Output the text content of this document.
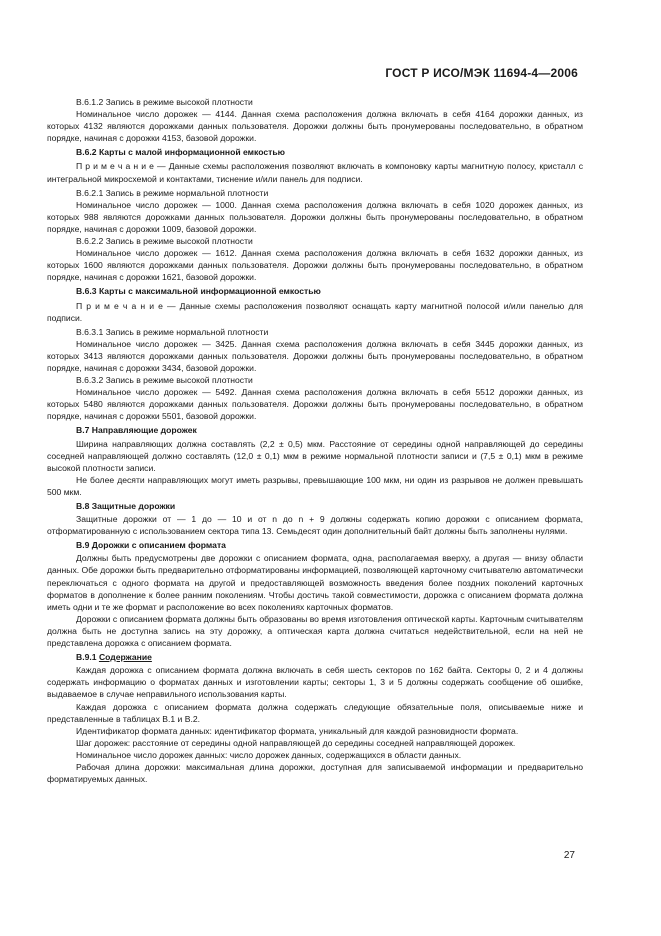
ГОСТ Р ИСО/МЭК 11694-4—2006

В.6.1.2 Запись в режиме высокой плотности

Номинальное число дорожек — 4144. Данная схема расположения должна включать в себя 4164 дорожки данных, из которых 4132 являются дорожками данных пользователя. Дорожки должны быть пронумерованы последовательно, в обратном порядке, начиная с дорожки 4153, базовой дорожки.

В.6.2 Карты с малой информационной емкостью

П р и м е ч а н и е — Данные схемы расположения позволяют включать в компоновку карты магнитную полосу, кристалл с интегральной микросхемой и контактами, тиснение и/или панель для подписи.

В.6.2.1 Запись в режиме нормальной плотности

Номинальное число дорожек — 1000. Данная схема расположения должна включать в себя 1020 дорожек данных, из которых 988 являются дорожками данных пользователя. Дорожки должны быть пронумерованы последовательно, в обратном порядке, начиная с дорожки 1009, базовой дорожки.

В.6.2.2 Запись в режиме высокой плотности

Номинальное число дорожек — 1612. Данная схема расположения должна включать в себя 1632 дорожки данных, из которых 1600 являются дорожками данных пользователя. Дорожки должны быть пронумерованы последовательно, в обратном порядке, начиная с дорожки 1621, базовой дорожки.

В.6.3 Карты с максимальной информационной емкостью

П р и м е ч а н и е — Данные схемы расположения позволяют оснащать карту магнитной полосой и/или панелью для подписи.

В.6.3.1 Запись в режиме нормальной плотности

Номинальное число дорожек — 3425. Данная схема расположения должна включать в себя 3445 дорожки данных, из которых 3413 являются дорожками данных пользователя. Дорожки должны быть пронумерованы последовательно, в обратном порядке, начиная с дорожки 3434, базовой дорожки.

В.6.3.2 Запись в режиме высокой плотности

Номинальное число дорожек — 5492. Данная схема расположения должна включать в себя 5512 дорожки данных, из которых 5480 являются дорожками данных пользователя. Дорожки должны быть пронумерованы последовательно, в обратном порядке, начиная с дорожки 5501, базовой дорожки.

В.7 Направляющие дорожек

Ширина направляющих должна составлять (2,2 ± 0,5) мкм. Расстояние от середины одной направляющей до середины соседней направляющей должно составлять (12,0 ± 0,1) мкм в режиме нормальной плотности записи и (7,5 ± 0,1) мкм в режиме высокой плотности записи.

Не более десяти направляющих могут иметь разрывы, превышающие 100 мкм, ни один из разрывов не должен превышать 500 мкм.

В.8 Защитные дорожки

Защитные дорожки от — 1 до — 10 и от n до n + 9 должны содержать копию дорожки с описанием формата, отформатированную с использованием сектора типа 13. Семьдесят один дополнительный байт должны быть заполнены нулями.

В.9 Дорожки с описанием формата

Должны быть предусмотрены две дорожки с описанием формата, одна, располагаемая вверху, а другая — внизу области данных. Обе дорожки быть предварительно отформатированы информацией, позволяющей карточному считывателю автоматически переключаться с одного формата на другой и предоставляющей возможность введения более поздних поколений карточных форматов в дополнение к более ранним поколениям. Чтобы достичь такой совместимости, дорожка с описанием формата должна иметь одни и те же формат и расположение во всех поколениях карточных форматов.

Дорожки с описанием формата должны быть образованы во время изготовления оптической карты. Карточным считывателям должна быть не доступна запись на эту дорожку, а оптическая карта должна считаться недействительной, если на ней не представлена дорожка с описанием формата.

В.9.1 Содержание

Каждая дорожка с описанием формата должна включать в себя шесть секторов по 162 байта. Секторы 0, 2 и 4 должны содержать информацию о форматах данных и изготовлении карты; секторы 1, 3 и 5 должны содержать сообщение об ошибке, выдаваемое в случае неправильного использования карты.

Каждая дорожка с описанием формата должна содержать следующие обязательные поля, описываемые ниже и представленные в таблицах В.1 и В.2.

Идентификатор формата данных: идентификатор формата, уникальный для каждой разновидности формата.

Шаг дорожек: расстояние от середины одной направляющей до середины соседней направляющей дорожек.

Номинальное число дорожек данных: число дорожек данных, содержащихся в области данных.

Рабочая длина дорожки: максимальная длина дорожки, доступная для записываемой информации и предварительно форматируемых данных.

27
